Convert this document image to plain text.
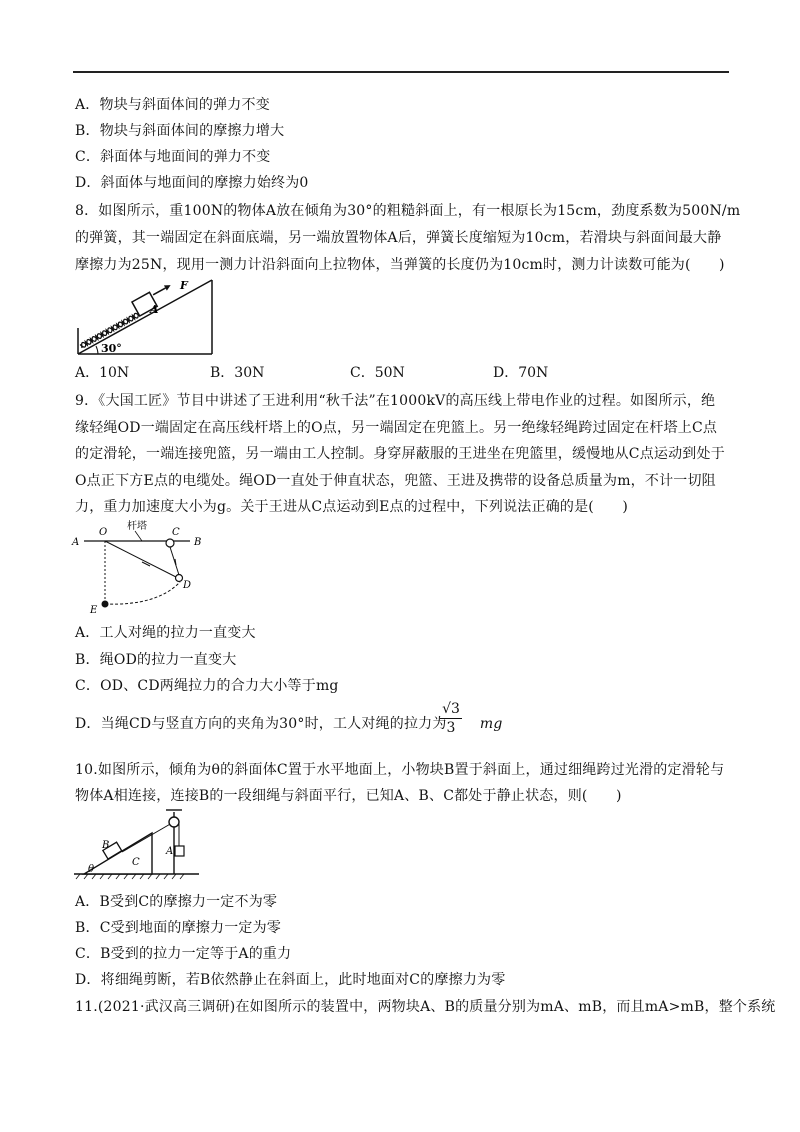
A．物块与斜面体间的弹力不变
B．物块与斜面体间的摩擦力增大
C．斜面体与地面间的弹力不变
D．斜面体与地面间的摩擦力始终为0
8．如图所示，重100N的物体A放在倾角为30°的粗糙斜面上，有一根原长为15cm，劲度系数为500N/m
的弹簧，其一端固定在斜面底端，另一端放置物体A后，弹簧长度缩短为10cm，若滑块与斜面间最大静
摩擦力为25N，现用一测力计沿斜面向上拉物体，当弹簧的长度仍为10cm时，测力计读数可能为(　　)
A
F
30°
A．10N	B．30N	C．50N	D．70N
9．《大国工匠》节目中讲述了王进利用“秋千法”在1000kV的高压线上带电作业的过程。如图所示，绝
缘轻绳OD一端固定在高压线杆塔上的O点，另一端固定在兜篮上。另一绝缘轻绳跨过固定在杆塔上C点
的定滑轮，一端连接兜篮，另一端由工人控制。身穿屏蔽服的王进坐在兜篮里，缓慢地从C点运动到处于
O点正下方E点的电缆处。绳OD一直处于伸直状态，兜篮、王进及携带的设备总质量为m，不计一切阻
力，重力加速度大小为g。关于王进从C点运动到E点的过程中，下列说法正确的是(　　)
A
O
杆塔
C
B
D
E
A．工人对绳的拉力一直变大
B．绳OD的拉力一直变大
C．OD、CD两绳拉力的合力大小等于mg
D．当绳CD与竖直方向的夹角为30°时，工人对绳的拉力为 mg
$\frac{√3}{3}$
10.如图所示，倾角为θ的斜面体C置于水平地面上，小物块B置于斜面上，通过细绳跨过光滑的定滑轮与
物体A相连接，连接B的一段细绳与斜面平行，已知A、B、C都处于静止状态，则(　　)
B
C
A
θ
A．B受到C的摩擦力一定不为零
B．C受到地面的摩擦力一定为零
C．B受到的拉力一定等于A的重力
D．将细绳剪断，若B依然静止在斜面上，此时地面对C的摩擦力为零
11.(2021·武汉高三调研)在如图所示的装置中，两物块A、B的质量分别为mA、mB，而且mA>mB，整个系统
